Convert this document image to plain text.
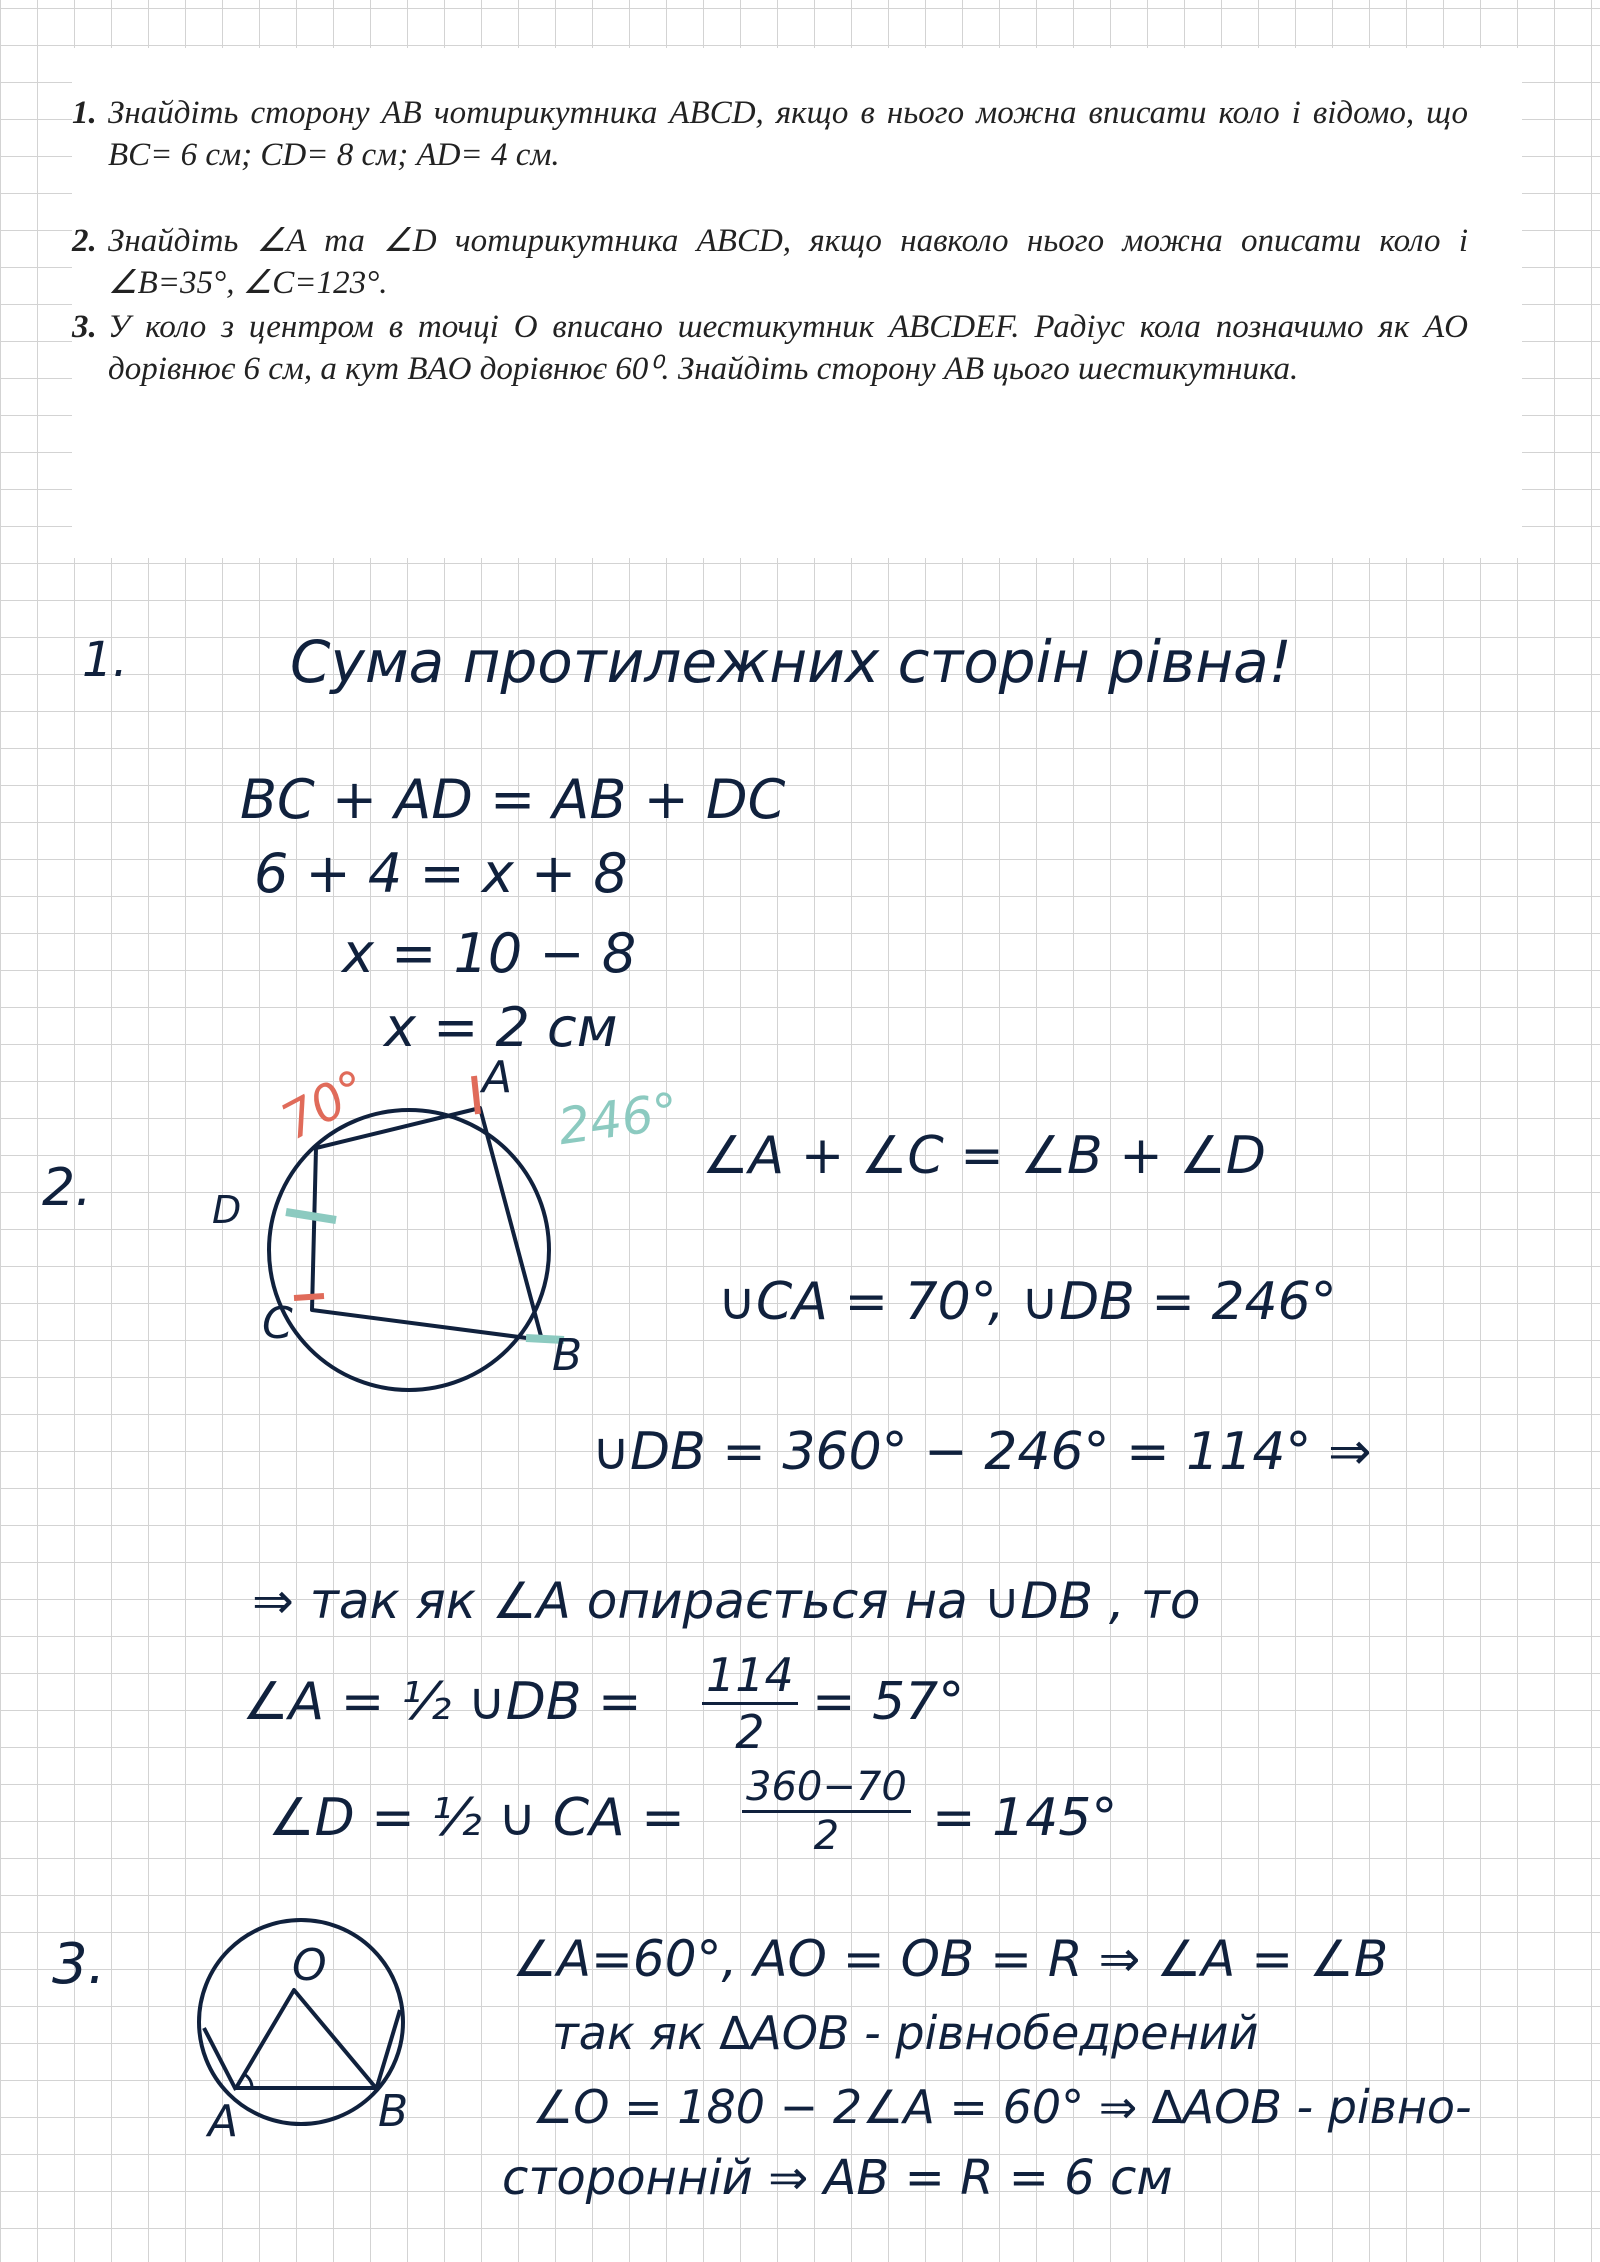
1. Знайдіть сторону AB чотирикутника ABCD, якщо в нього можна вписати коло і відомо, що BC= 6 см; CD= 8 см; AD= 4 см.
2. Знайдіть ∠A та ∠D чотирикутника ABCD, якщо навколо нього можна описати коло і ∠B=35°, ∠C=123°.
3. У коло з центром в точці O вписано шестикутник ABCDEF. Радіус кола позначимо як AO дорівнює 6 см, а кут BAO дорівнює 60⁰. Знайдіть сторону AB цього шестикутника.
1.	Сума протилежних сторін рівна!
BC + AD = AB + DC
6 + 4 = x + 8
x = 10 − 8
x = 2 см
2.
A
B
C
D
70°	246° ∠A + ∠C = ∠B + ∠D
∪CA = 70°
, ∪DB = 246°
∪DB = 360° − 246° = 114° ⇒
⇒ так як ∠A опирається на ∪DB , то
∠A = ½ ∪DB = $\frac{114}{2} = 57^\circ$
∠D = ½ ∪ CA = $\frac{360-70}{2} = 145^\circ$
3.	O
A	B
∠A=60°, AO = OB = R ⇒ ∠A = ∠B
так як ∆AOB - рівнобедрений
∠O = 180 − 2∠A = 60° ⇒ ∆AOB - рівно-
сторонній ⇒ AB = R = 6 см
